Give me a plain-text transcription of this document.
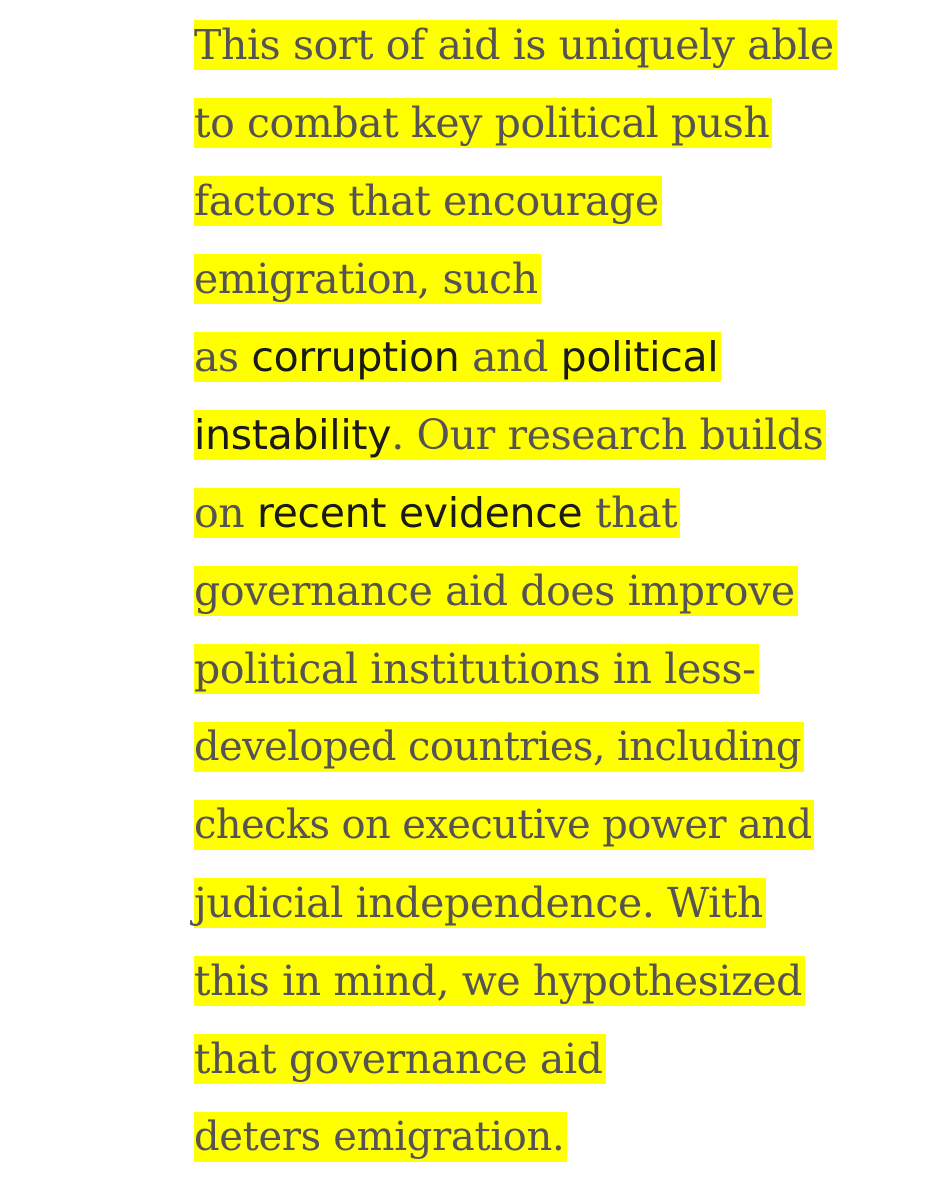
This sort of aid is uniquely able
to combat key political push
factors that encourage
emigration, such
as corruption and political
instability. Our research builds
on recent evidence that
governance aid does improve
political institutions in less-
developed countries, including
checks on executive power and
judicial independence. With
this in mind, we hypothesized
that governance aid
deters emigration.
